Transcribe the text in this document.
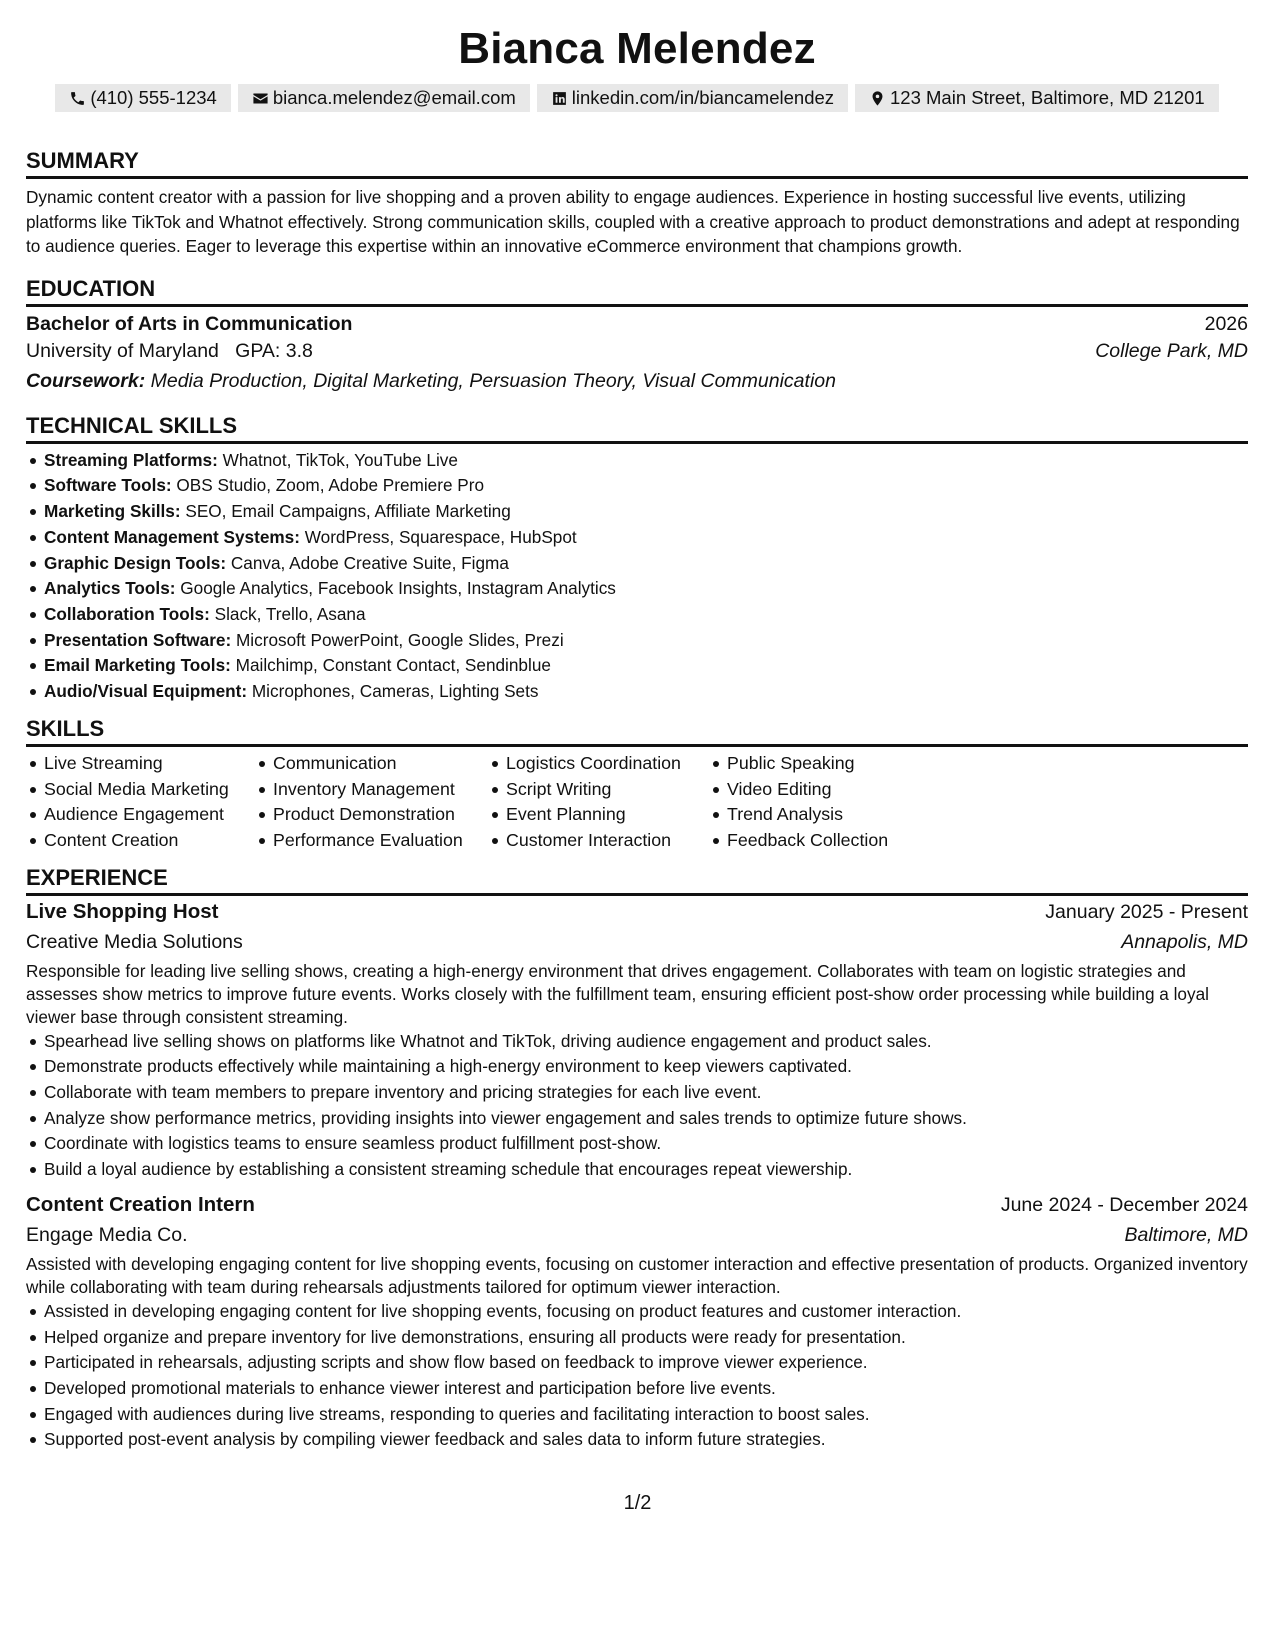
Bianca Melendez
(410) 555-1234	bianca.melendez@email.com	linkedin.com/in/biancamelendez	123 Main Street, Baltimore, MD 21201
SUMMARY

Dynamic content creator with a passion for live shopping and a proven ability to engage audiences. Experience in hosting successful live events, utilizing platforms like TikTok and Whatnot effectively. Strong communication skills, coupled with a creative approach to product demonstrations and adept at responding to audience queries. Eager to leverage this expertise within an innovative eCommerce environment that champions growth.

EDUCATION
Bachelor of Arts in Communication	2026
University of Maryland GPA: 3.8	College Park, MD
Coursework: Media Production, Digital Marketing, Persuasion Theory, Visual Communication
TECHNICAL SKILLS
Streaming Platforms: Whatnot, TikTok, YouTube Live
Software Tools: OBS Studio, Zoom, Adobe Premiere Pro
Marketing Skills: SEO, Email Campaigns, Affiliate Marketing
Content Management Systems: WordPress, Squarespace, HubSpot
Graphic Design Tools: Canva, Adobe Creative Suite, Figma
Analytics Tools: Google Analytics, Facebook Insights, Instagram Analytics
Collaboration Tools: Slack, Trello, Asana
Presentation Software: Microsoft PowerPoint, Google Slides, Prezi
Email Marketing Tools: Mailchimp, Constant Contact, Sendinblue
Audio/Visual Equipment: Microphones, Cameras, Lighting Sets
SKILLS
Live Streaming
Social Media Marketing
Audience Engagement
Content Creation
Communication
Inventory Management
Product Demonstration
Performance Evaluation
Logistics Coordination
Script Writing
Event Planning
Customer Interaction
Public Speaking
Video Editing
Trend Analysis
Feedback Collection
EXPERIENCE
Live Shopping Host	January 2025 - Present
Creative Media Solutions	Annapolis, MD

Responsible for leading live selling shows, creating a high-energy environment that drives engagement. Collaborates with team on logistic strategies and assesses show metrics to improve future events. Works closely with the fulfillment team, ensuring efficient post-show order processing while building a loyal viewer base through consistent streaming.

Spearhead live selling shows on platforms like Whatnot and TikTok, driving audience engagement and product sales.
Demonstrate products effectively while maintaining a high-energy environment to keep viewers captivated.
Collaborate with team members to prepare inventory and pricing strategies for each live event.
Analyze show performance metrics, providing insights into viewer engagement and sales trends to optimize future shows.
Coordinate with logistics teams to ensure seamless product fulfillment post-show.
Build a loyal audience by establishing a consistent streaming schedule that encourages repeat viewership.
Content Creation Intern	June 2024 - December 2024
Engage Media Co.	Baltimore, MD

Assisted with developing engaging content for live shopping events, focusing on customer interaction and effective presentation of products. Organized inventory while collaborating with team during rehearsals adjustments tailored for optimum viewer interaction.

Assisted in developing engaging content for live shopping events, focusing on product features and customer interaction.
Helped organize and prepare inventory for live demonstrations, ensuring all products were ready for presentation.
Participated in rehearsals, adjusting scripts and show flow based on feedback to improve viewer experience.
Developed promotional materials to enhance viewer interest and participation before live events.
Engaged with audiences during live streams, responding to queries and facilitating interaction to boost sales.
Supported post-event analysis by compiling viewer feedback and sales data to inform future strategies.
1/2
